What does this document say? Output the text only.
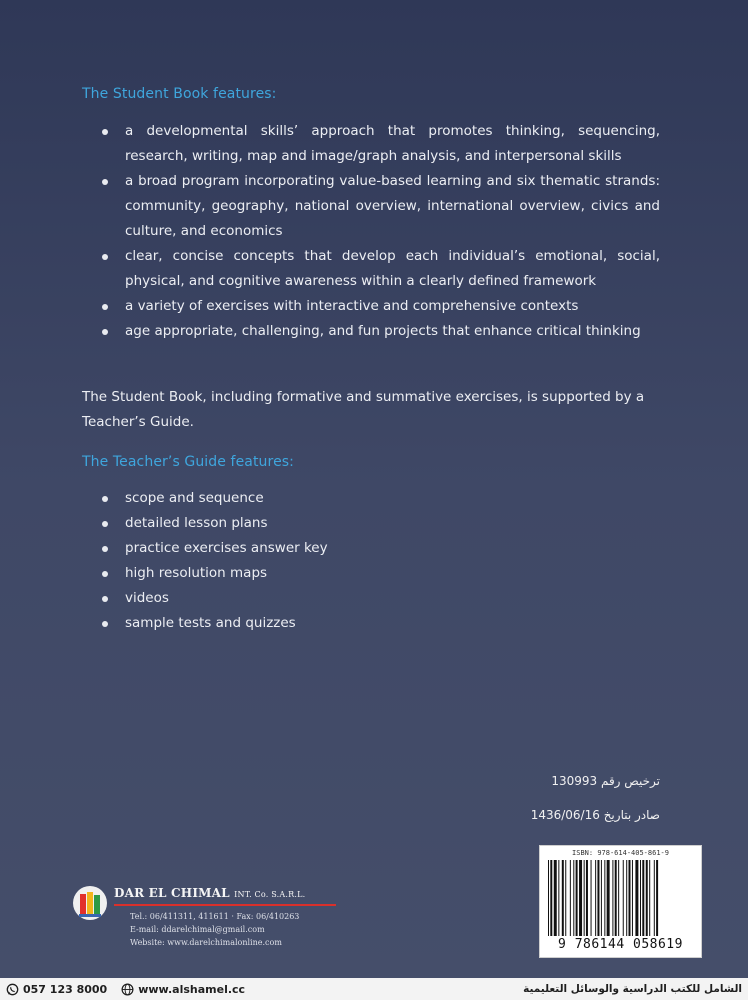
The Student Book features:
a developmental skills’ approach that promotes thinking, sequencing, research, writing, map and image/graph analysis, and interpersonal skills
a broad program incorporating value-based learning and six thematic strands: community, geography, national overview, international overview, civics and culture, and economics
clear, concise concepts that develop each individual’s emotional, social, physical, and cognitive awareness within a clearly defined framework
a variety of exercises with interactive and comprehensive contexts
age appropriate, challenging, and fun projects that enhance critical thinking
The Student Book, including formative and summative exercises, is supported by a Teacher’s Guide.
The Teacher’s Guide features:
scope and sequence
detailed lesson plans
practice exercises answer key
high resolution maps
videos
sample tests and quizzes
ترخيص رقم 130993
صادر بتاريخ 1436/06/16
ISBN: 978-614-405-861-9
9 786144 058619
DAR EL CHIMAL INT. Co. S.A.R.L.
Tel.: 06/411311, 411611 · Fax: 06/410263
E-mail: ddarelchimal@gmail.com
Website: www.darelchimalonline.com
057 123 8000	www.alshamel.cc	الشامل للكتب الدراسية والوسائل التعليمية
